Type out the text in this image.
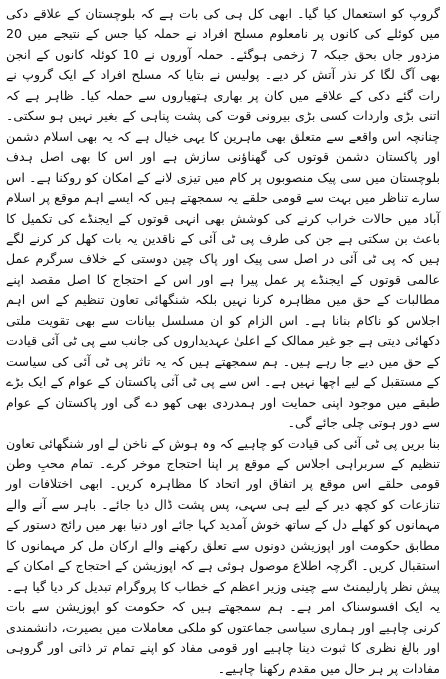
گروپ کو استعمال کیا گیا۔ ابھی کل ہی کی بات ہے کہ بلوچستان کے علاقے دکی میں کوئلے کی کانوں پر نامعلوم مسلح افراد نے حملہ کیا جس کے نتیجے میں 20 مزدور جاں بحق جبکہ 7 زخمی ہوگئے۔ حملہ آوروں نے 10 کوئلہ کانوں کے انجن بھی آگ لگا کر نذر آتش کر دیے۔ پولیس نے بتایا کہ مسلح افراد کے ایک گروپ نے رات گئے دکی کے علاقے میں کان پر بھاری ہتھیاروں سے حملہ کیا۔ ظاہر ہے کہ اتنی بڑی واردات کسی بڑی بیرونی قوت کی پشت پناہی کے بغیر نہیں ہو سکتی۔ چنانچہ اس واقعے سے متعلق بھی ماہرین کا یہی خیال ہے کہ یہ بھی اسلام دشمن اور پاکستان دشمن قوتوں کی گھناؤنی سازش ہے اور اس کا بھی اصل ہدف بلوچستان میں سی پیک منصوبوں پر کام میں تیزی لانے کے امکان کو روکنا ہے۔ اس سارے تناظر میں بہت سے قومی حلقے یہ سمجھتے ہیں کہ ایسے اہم موقع پر اسلام آباد میں حالات خراب کرنے کی کوشش بھی انہی قوتوں کے ایجنڈے کی تکمیل کا باعث بن سکتی ہے جن کی طرف پی ٹی آئی کے ناقدین یہ بات کھل کر کرنے لگے ہیں کہ پی ٹی آئی در اصل سی پیک اور پاک چین دوستی کے خلاف سرگرم عمل عالمی قوتوں کے ایجنڈے پر عمل پیرا ہے اور اس کے احتجاج کا اصل مقصد اپنے مطالبات کے حق میں مظاہرہ کرنا نہیں بلکہ شنگھائی تعاون تنظیم کے اس اہم اجلاس کو ناکام بنانا ہے۔ اس الزام کو ان مسلسل بیانات سے بھی تقویت ملتی دکھائی دیتی ہے جو غیر ممالک کے اعلیٰ عہدیداروں کی جانب سے پی ٹی آئی قیادت کے حق میں دیے جا رہے ہیں۔ ہم سمجھتے ہیں کہ یہ تاثر پی ٹی آئی کی سیاست کے مستقبل کے لیے اچھا نہیں ہے۔ اس سے پی ٹی آئی پاکستان کے عوام کے ایک بڑے طبقے میں موجود اپنی حمایت اور ہمدردی بھی کھو دے گی اور پاکستان کے عوام سے دور ہوتی چلی جائے گی۔

بنا بریں پی ٹی آئی کی قیادت کو چاہیے کہ وہ ہوش کے ناخن لے اور شنگھائی تعاون تنظیم کے سربراہی اجلاس کے موقع پر اپنا احتجاج موخر کرے۔ تمام محبِ وطن قومی حلقے اس موقع پر اتفاق اور اتحاد کا مظاہرہ کریں۔ ابھی اختلافات اور تنازعات کو کچھ دیر کے لیے ہی سہی، پس پشت ڈال دیا جائے۔ باہر سے آنے والے مہمانوں کو کھلے دل کے ساتھ خوش آمدید کہا جائے اور دنیا بھر میں رائج دستور کے مطابق حکومت اور اپوزیشن دونوں سے تعلق رکھنے والے ارکان مل کر مہمانوں کا استقبال کریں۔ اگرچہ اطلاع موصول ہوئی ہے کہ اپوزیشن کے احتجاج کے امکان کے پیش نظر پارلیمنٹ سے چینی وزیر اعظم کے خطاب کا پروگرام تبدیل کر دیا گیا ہے۔ یہ ایک افسوسناک امر ہے۔ ہم سمجھتے ہیں کہ حکومت کو اپوزیشن سے بات کرنی چاہیے اور ہماری سیاسی جماعتوں کو ملکی معاملات میں بصیرت، دانشمندی اور بالغ نظری کا ثبوت دینا چاہیے اور قومی مفاد کو اپنے تمام تر ذاتی اور گروہی مفادات پر ہر حال میں مقدم رکھنا چاہیے۔
